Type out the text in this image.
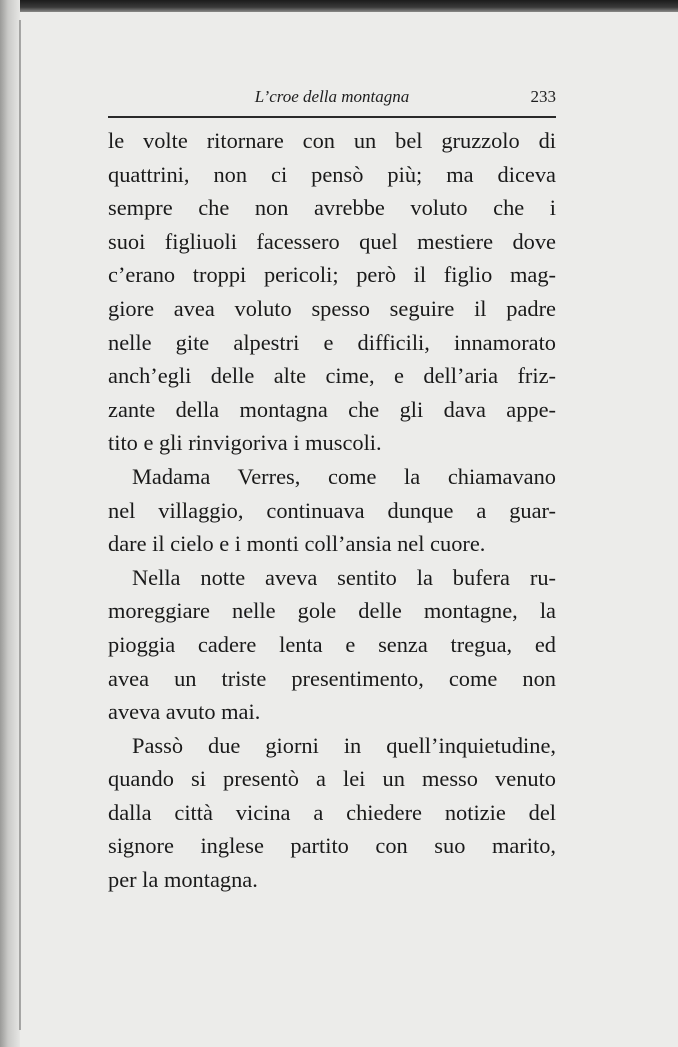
L’croe della montagna	233
le volte ritornare con un bel gruzzolo di
quattrini, non ci pensò più; ma diceva
sempre che non avrebbe voluto che i
suoi figliuoli facessero quel mestiere dove
c’erano troppi pericoli; però il figlio mag-
giore avea voluto spesso seguire il padre
nelle gite alpestri e difficili, innamorato
anch’egli delle alte cime, e dell’aria friz-
zante della montagna che gli dava appe-
tito e gli rinvigoriva i muscoli.
Madama Verres, come la chiamavano
nel villaggio, continuava dunque a guar-
dare il cielo e i monti coll’ansia nel cuore.
Nella notte aveva sentito la bufera ru-
moreggiare nelle gole delle montagne, la
pioggia cadere lenta e senza tregua, ed
avea un triste presentimento, come non
aveva avuto mai.
Passò due giorni in quell’inquietudine,
quando si presentò a lei un messo venuto
dalla città vicina a chiedere notizie del
signore inglese partito con suo marito,
per la montagna.
